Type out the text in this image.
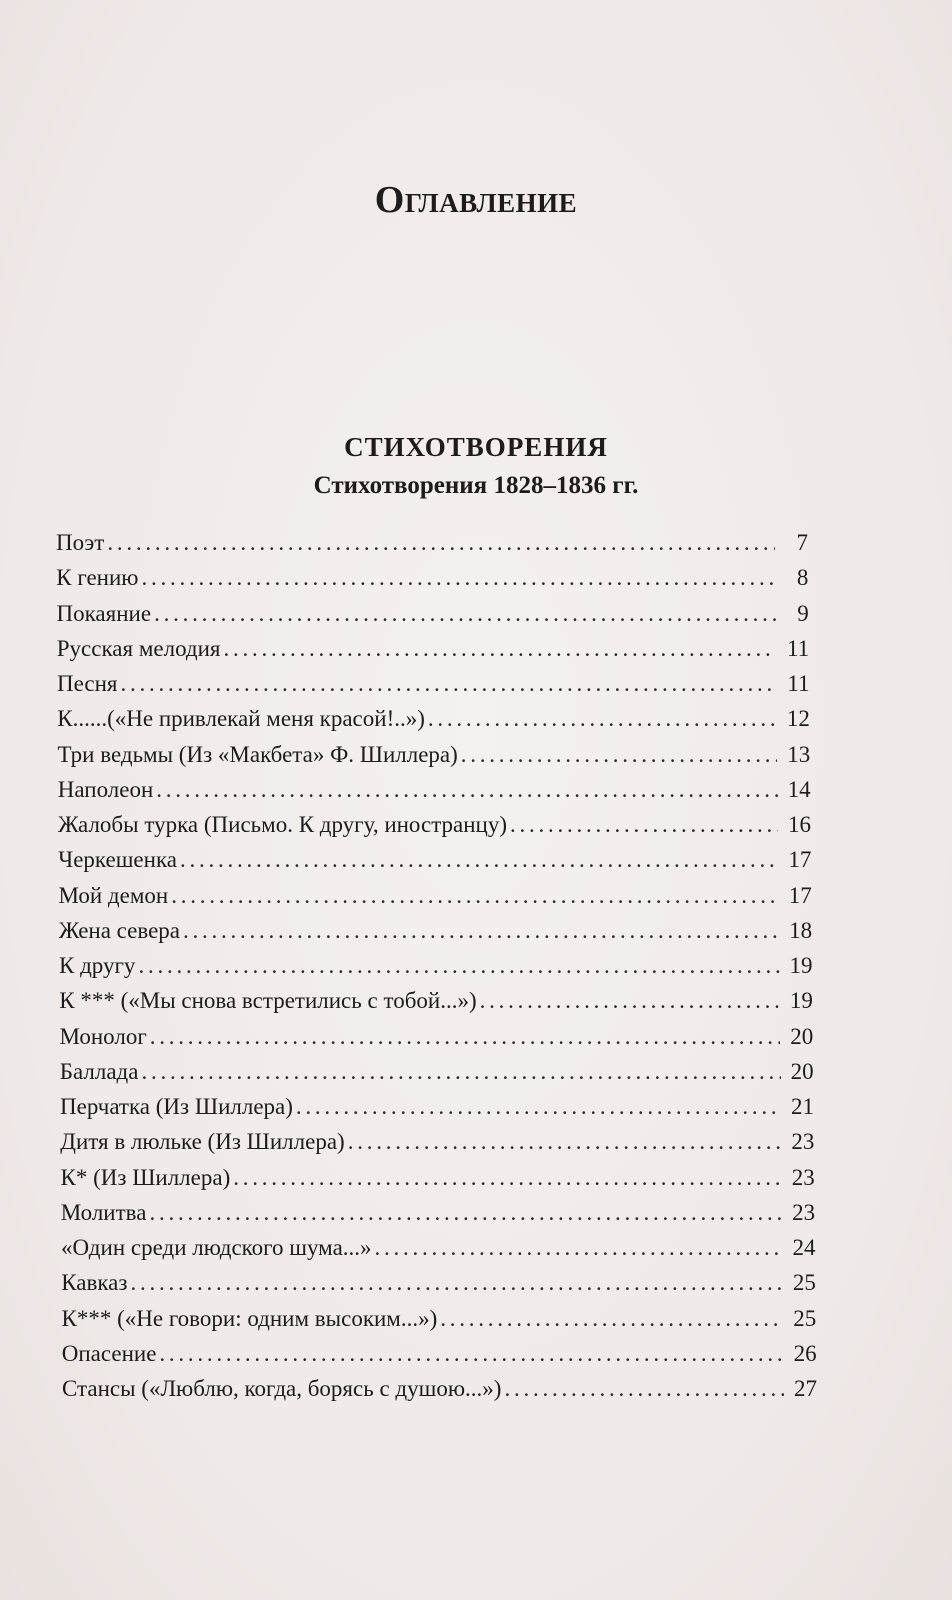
Оглавление
СТИХОТВОРЕНИЯ
Стихотворения 1828–1836 гг.
Поэт . . .	7
К гению . . .	8
Покаяние . . .	9
Русская мелодия . . .	11
Песня . . .	11
К......(«Не привлекай меня красой!..») . . .	12
Три ведьмы (Из «Макбета» Ф. Шиллера) . . .	13
Наполеон . . .	14
Жалобы турка (Письмо. К другу, иностранцу) . . .	16
Черкешенка . . .	17
Мой демон . . .	17
Жена севера . . .	18
К другу . . .	19
К *** («Мы снова встретились с тобой...») . . .	19
Монолог . . .	20
Баллада . . .	20
Перчатка (Из Шиллера) . . .	21
Дитя в люльке (Из Шиллера) . . .	23
К* (Из Шиллера) . . .	23
Молитва . . .	23
«Один среди людского шума...» . . .	24
Кавказ . . .	25
К*** («Не говори: одним высоким...») . . .	25
Опасение . . .	26
Стансы («Люблю, когда, борясь с душою...») . . .	27
